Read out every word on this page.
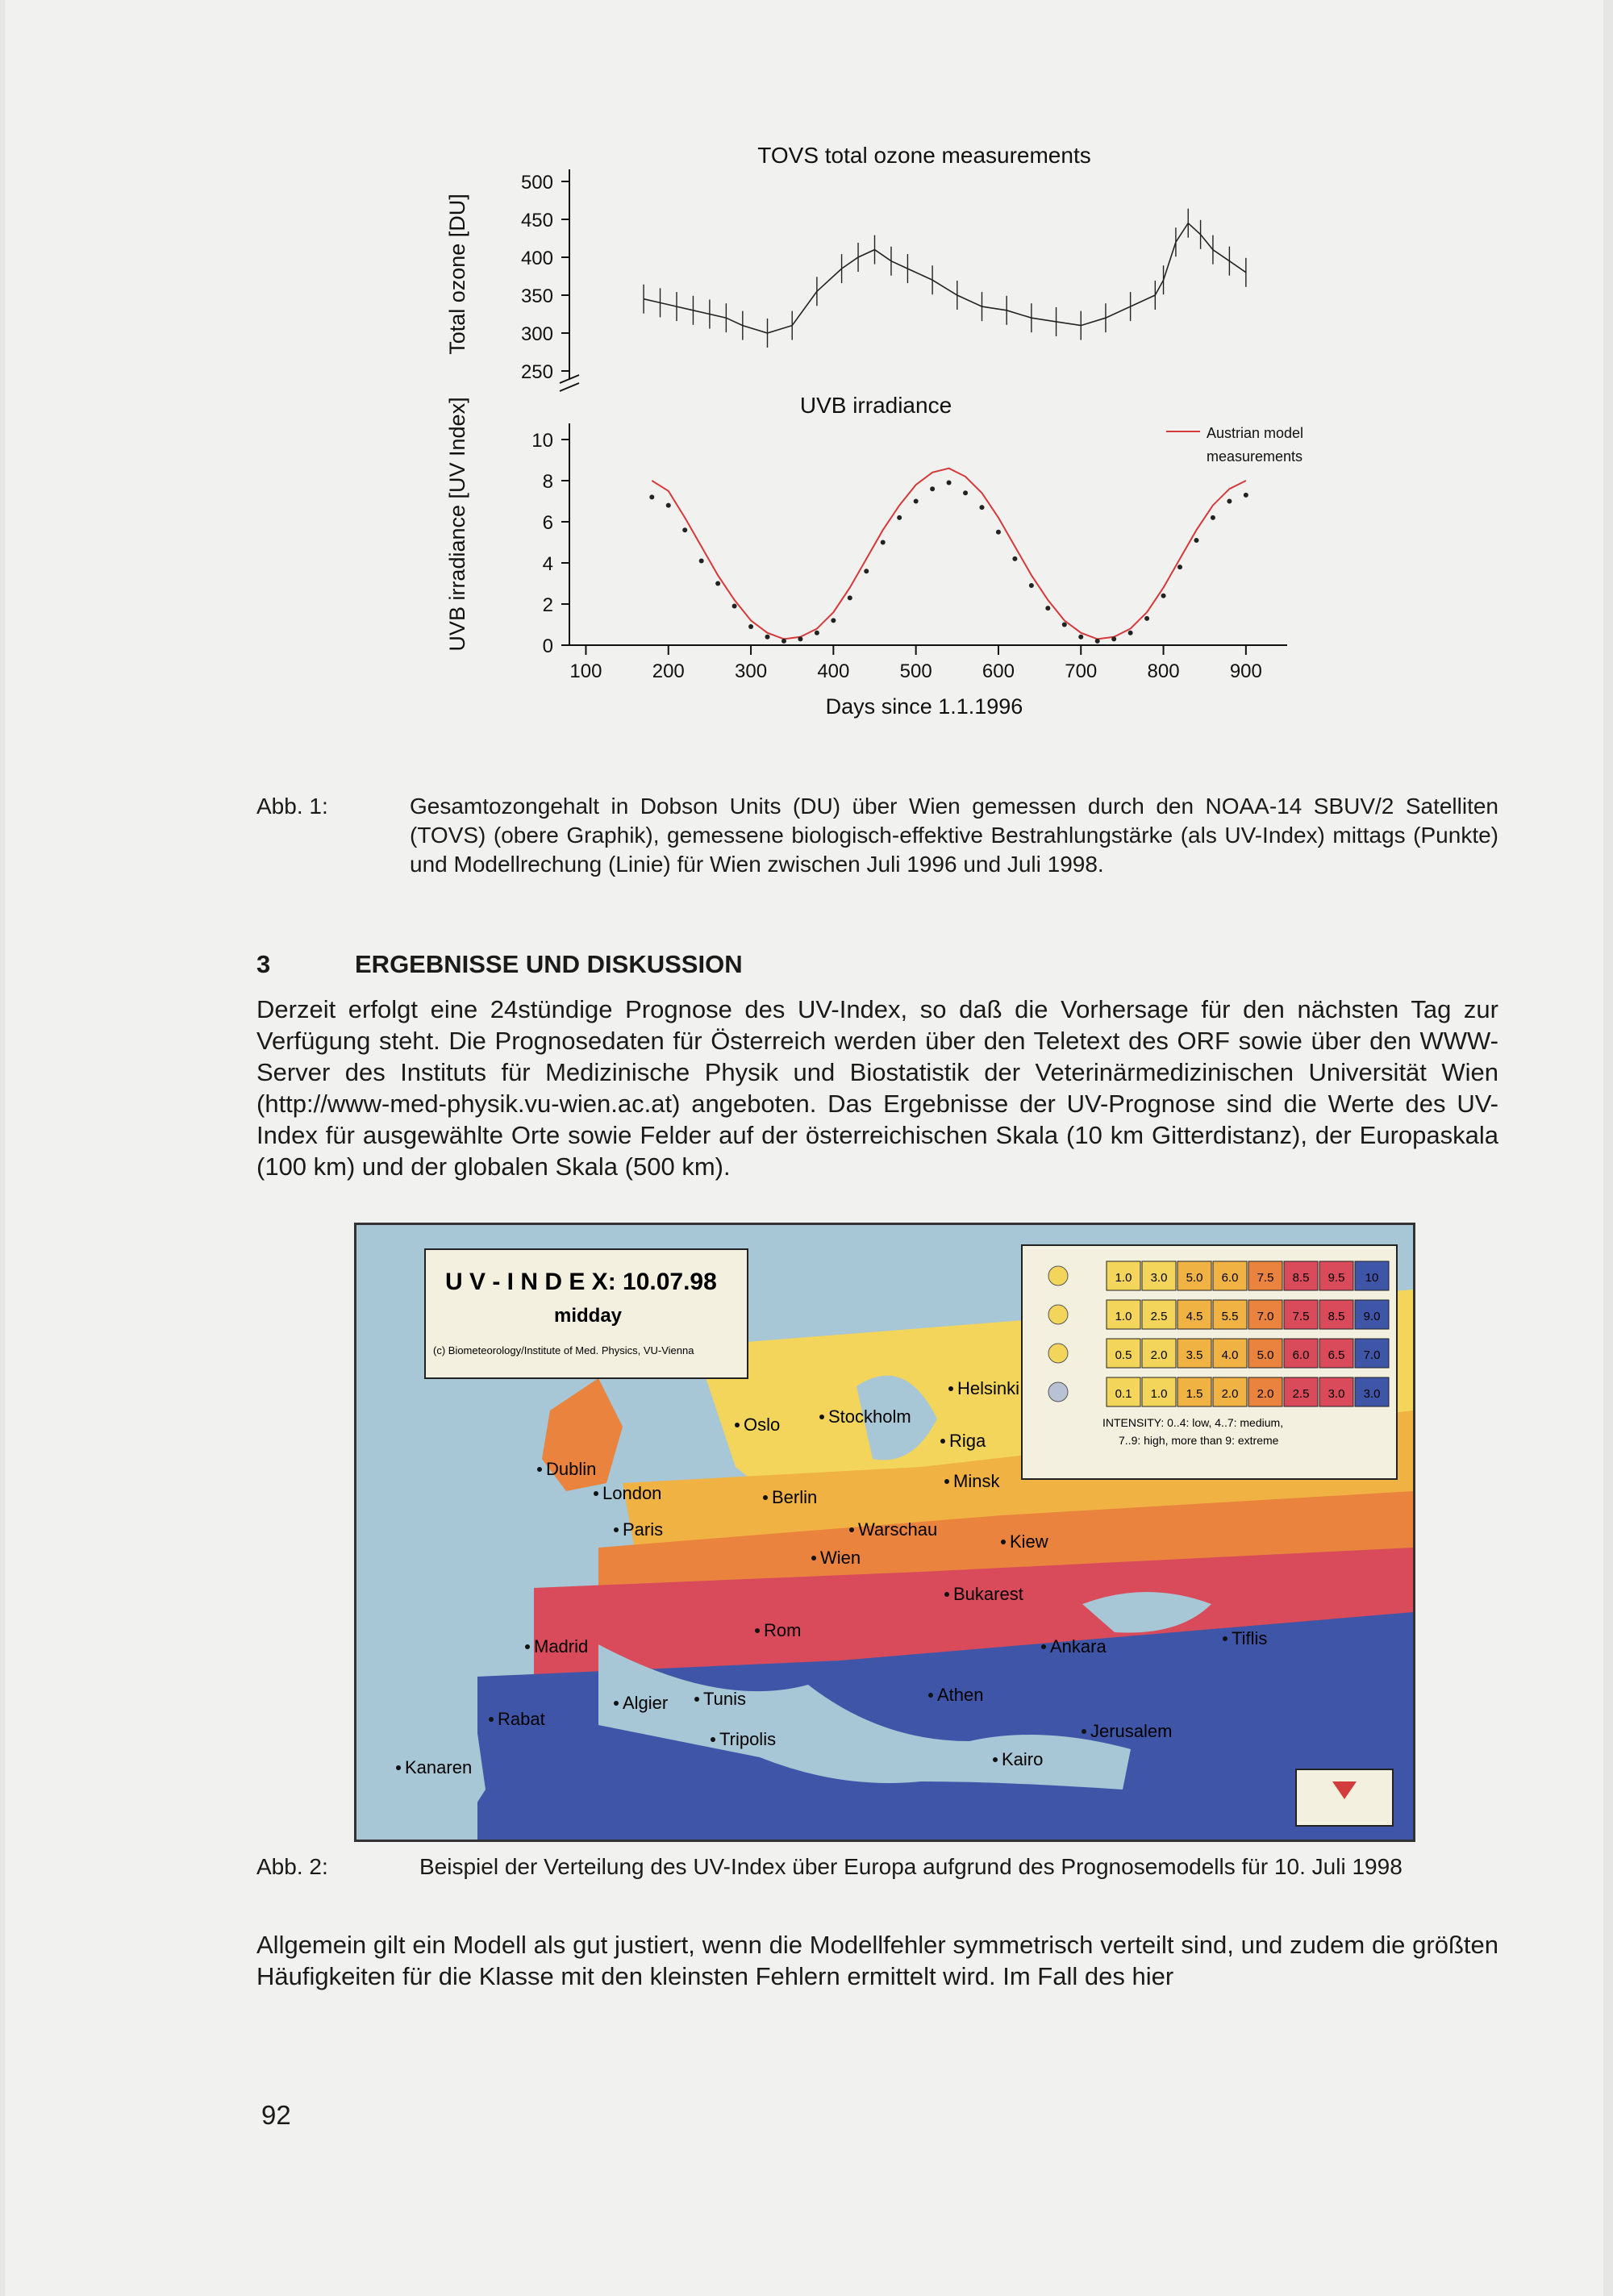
TOVS total ozone measurements
250
300
350
400
450
500
Total ozone [DU]
UVB irradiance
0
2
4
6
8
10
100	200	300	400	500	600	700	800	900
UVB irradiance [UV Index]
Days since 1.1.1996
Austrian model
measurements
Abb. 1:	Gesamtozongehalt in Dobson Units (DU) über Wien gemessen durch den NOAA-14 SBUV/2 Satelliten (TOVS) (obere Graphik), gemessene biologisch-effektive Bestrahlungstärke (als UV-Index) mittags (Punkte) und Modellrechung (Linie) für Wien zwischen Juli 1996 und Juli 1998.
3	ERGEBNISSE UND DISKUSSION
Derzeit erfolgt eine 24stündige Prognose des UV-Index, so daß die Vorhersage für den nächsten Tag zur Verfügung steht. Die Prognosedaten für Österreich werden über den Teletext des ORF sowie über den WWW-Server des Instituts für Medizinische Physik und Biostatistik der Veterinärmedizinischen Universität Wien (http://www-med-physik.vu-wien.ac.at) angeboten. Das Ergebnisse der UV-Prognose sind die Werte des UV-Index für ausgewählte Orte sowie Felder auf der österreichischen Skala (10 km Gitterdistanz), der Europaskala (100 km) und der globalen Skala (500 km).
U V - I N D E X: 10.07.98
midday
(c) Biometeorology/Institute of Med. Physics, VU-Vienna
1.0 3.0 5.0 6.0 7.5 8.5 9.5 10
1.0 2.5 4.5 5.5 7.0 7.5 8.5 9.0
0.5 2.0 3.5 4.0 5.0 6.0 6.5 7.0
0.1 1.0 1.5 2.0 2.0 2.5 3.0 3.0
INTENSITY: 0..4: low, 4..7: medium,
7..9: high, more than 9: extreme
Oslo
Helsinki
Stockholm
Riga
Dublin
London	Berlin
Minsk
Warschau
Kiew
Paris
Wien
Bukarest
Madrid
Rom
Ankara	Tiflis
Athen
Algier Tunis
Rabat
Tripolis
Kairo
Jerusalem
Kanaren
Abb. 2:	Beispiel der Verteilung des UV-Index über Europa aufgrund des Prognosemodells für 10. Juli 1998
Allgemein gilt ein Modell als gut justiert, wenn die Modellfehler symmetrisch verteilt sind, und zudem die größten Häufigkeiten für die Klasse mit den kleinsten Fehlern ermittelt wird. Im Fall des hier
92
